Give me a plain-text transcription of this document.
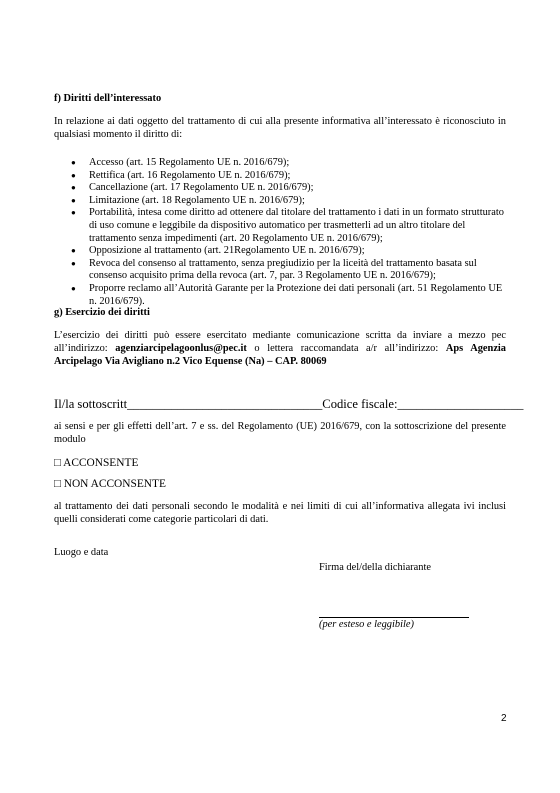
f) Diritti dell’interessato

In relazione ai dati oggetto del trattamento di cui alla presente informativa all’interessato è riconosciuto in qualsiasi momento il diritto di:

● Accesso (art. 15 Regolamento UE n. 2016/679);
● Rettifica (art. 16 Regolamento UE n. 2016/679);
● Cancellazione (art. 17 Regolamento UE n. 2016/679);
● Limitazione (art. 18 Regolamento UE n. 2016/679);
● Portabilità, intesa come diritto ad ottenere dal titolare del trattamento i dati in un formato strutturato di uso comune e leggibile da dispositivo automatico per trasmetterli ad un altro titolare del trattamento senza impedimenti (art. 20 Regolamento UE n. 2016/679);
● Opposizione al trattamento (art. 21Regolamento UE n. 2016/679);
● Revoca del consenso al trattamento, senza pregiudizio per la liceità del trattamento basata sul consenso acquisito prima della revoca (art. 7, par. 3 Regolamento UE n. 2016/679);
● Proporre reclamo all’Autorità Garante per la Protezione dei dati personali (art. 51 Regolamento UE n. 2016/679).
g) Esercizio dei diritti

L’esercizio dei diritti può essere esercitato mediante comunicazione scritta da inviare a mezzo pec all’indirizzo: agenziarcipelagoonlus@pec.it o lettera raccomandata a/r all’indirizzo: Aps Agenzia Arcipelago Via Avigliano n.2 Vico Equense (Na) – CAP. 80069

Il/la sottoscritt_______________________________Codice fiscale:____________________

ai sensi e per gli effetti dell’art. 7 e ss. del Regolamento (UE) 2016/679, con la sottoscrizione del presente modulo

□ ACCONSENTE
□ NON ACCONSENTE

al trattamento dei dati personali secondo le modalità e nei limiti di cui all’informativa allegata ivi inclusi quelli considerati come categorie particolari di dati.

Luogo e data
Firma del/della dichiarante
(per esteso e leggibile)
2
